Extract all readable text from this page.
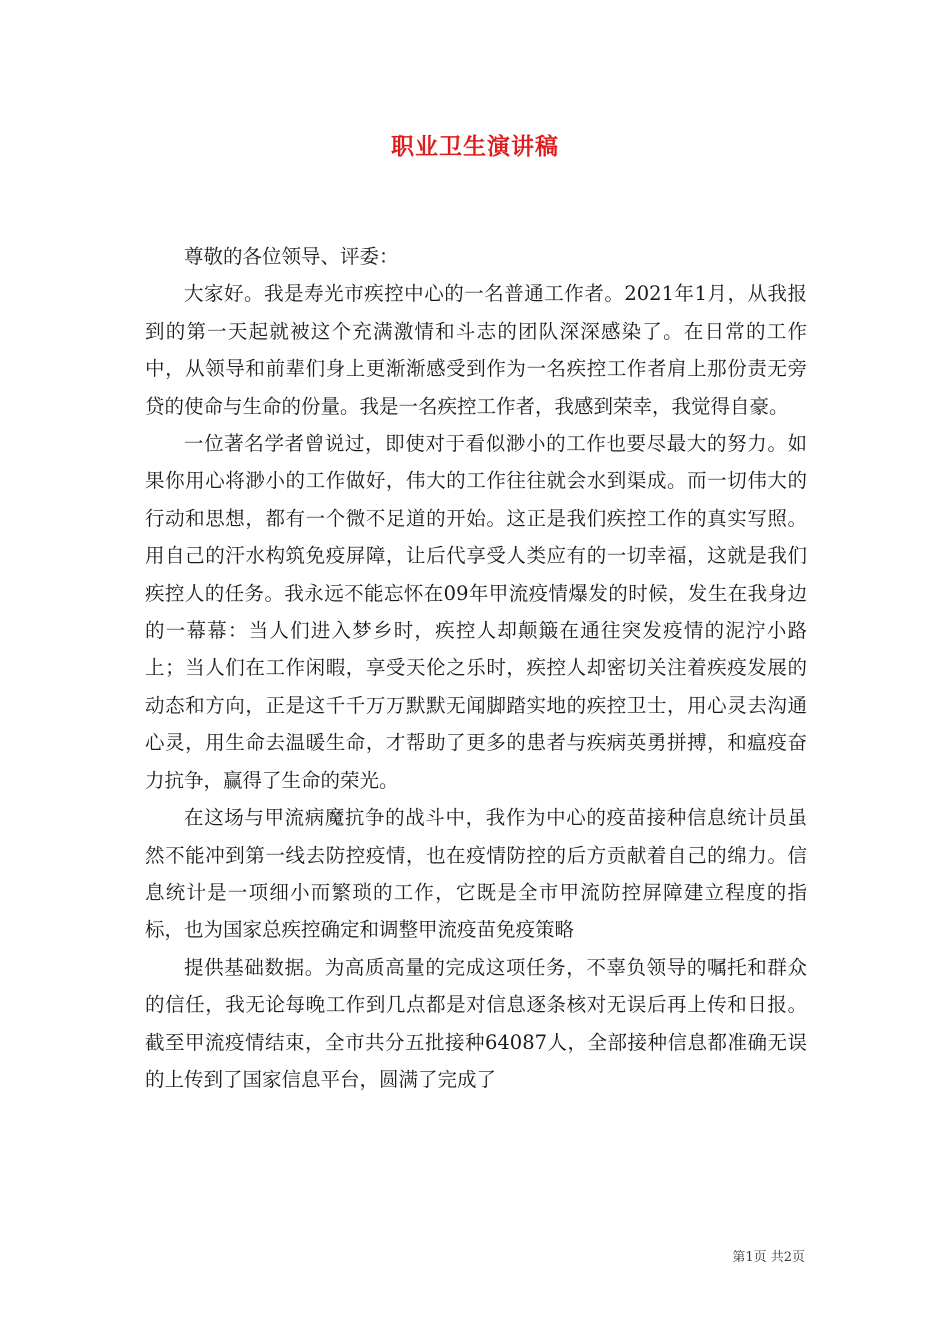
职业卫生演讲稿

尊敬的各位领导、评委：

大家好。我是寿光市疾控中心的一名普通工作者。2021年1月，从我报到的第一天起就被这个充满激情和斗志的团队深深感染了。在日常的工作中，从领导和前辈们身上更渐渐感受到作为一名疾控工作者肩上那份责无旁贷的使命与生命的份量。我是一名疾控工作者，我感到荣幸，我觉得自豪。

一位著名学者曾说过，即使对于看似渺小的工作也要尽最大的努力。如果你用心将渺小的工作做好，伟大的工作往往就会水到渠成。而一切伟大的行动和思想，都有一个微不足道的开始。这正是我们疾控工作的真实写照。用自己的汗水构筑免疫屏障，让后代享受人类应有的一切幸福，这就是我们疾控人的任务。我永远不能忘怀在09年甲流疫情爆发的时候，发生在我身边的一幕幕：当人们进入梦乡时，疾控人却颠簸在通往突发疫情的泥泞小路上；当人们在工作闲暇，享受天伦之乐时，疾控人却密切关注着疾疫发展的动态和方向，正是这千千万万默默无闻脚踏实地的疾控卫士，用心灵去沟通心灵，用生命去温暖生命，才帮助了更多的患者与疾病英勇拼搏，和瘟疫奋力抗争，赢得了生命的荣光。

在这场与甲流病魔抗争的战斗中，我作为中心的疫苗接种信息统计员虽然不能冲到第一线去防控疫情，也在疫情防控的后方贡献着自己的绵力。信息统计是一项细小而繁琐的工作，它既是全市甲流防控屏障建立程度的指标，也为国家总疾控确定和调整甲流疫苗免疫策略

提供基础数据。为高质高量的完成这项任务，不辜负领导的嘱托和群众的信任，我无论每晚工作到几点都是对信息逐条核对无误后再上传和日报。截至甲流疫情结束，全市共分五批接种64087人，全部接种信息都准确无误的上传到了国家信息平台，圆满了完成了

第1页 共2页
